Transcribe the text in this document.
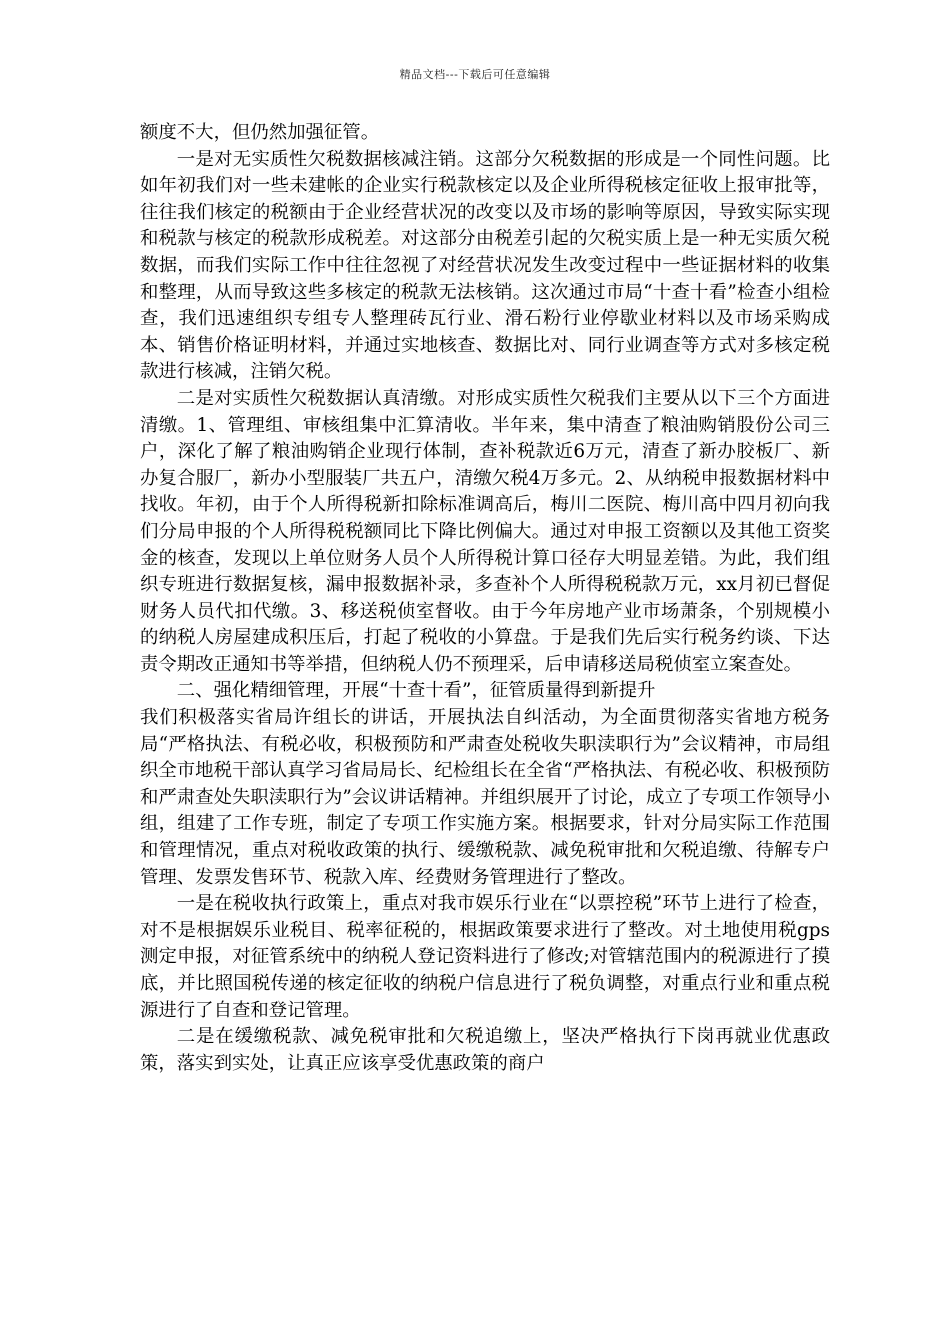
精品文档---下载后可任意编辑

额度不大，但仍然加强征管。

一是对无实质性欠税数据核减注销。这部分欠税数据的形成是一个同性问题。比如年初我们对一些未建帐的企业实行税款核定以及企业所得税核定征收上报审批等，往往我们核定的税额由于企业经营状况的改变以及市场的影响等原因，导致实际实现和税款与核定的税款形成税差。对这部分由税差引起的欠税实质上是一种无实质欠税数据，而我们实际工作中往往忽视了对经营状况发生改变过程中一些证据材料的收集和整理，从而导致这些多核定的税款无法核销。这次通过市局“十查十看”检查小组检查，我们迅速组织专组专人整理砖瓦行业、滑石粉行业停歇业材料以及市场采购成本、销售价格证明材料，并通过实地核查、数据比对、同行业调查等方式对多核定税款进行核减，注销欠税。

二是对实质性欠税数据认真清缴。对形成实质性欠税我们主要从以下三个方面进清缴。1、管理组、审核组集中汇算清收。半年来，集中清查了粮油购销股份公司三户，深化了解了粮油购销企业现行体制，查补税款近6万元，清查了新办胶板厂、新办复合服厂，新办小型服装厂共五户，清缴欠税4万多元。2、从纳税申报数据材料中找收。年初，由于个人所得税新扣除标准调高后，梅川二医院、梅川高中四月初向我们分局申报的个人所得税税额同比下降比例偏大。通过对申报工资额以及其他工资奖金的核查，发现以上单位财务人员个人所得税计算口径存大明显差错。为此，我们组织专班进行数据复核，漏申报数据补录，多查补个人所得税税款万元，xx月初已督促财务人员代扣代缴。3、移送税侦室督收。由于今年房地产业市场萧条，个别规模小的纳税人房屋建成积压后，打起了税收的小算盘。于是我们先后实行税务约谈、下达责令期改正通知书等举措，但纳税人仍不预理采，后申请移送局税侦室立案查处。

二、强化精细管理，开展“十查十看”，征管质量得到新提升

我们积极落实省局许组长的讲话，开展执法自纠活动，为全面贯彻落实省地方税务局“严格执法、有税必收，积极预防和严肃查处税收失职渎职行为”会议精神，市局组织全市地税干部认真学习省局局长、纪检组长在全省“严格执法、有税必收、积极预防和严肃查处失职渎职行为”会议讲话精神。并组织展开了讨论，成立了专项工作领导小组，组建了工作专班，制定了专项工作实施方案。根据要求，针对分局实际工作范围和管理情况，重点对税收政策的执行、缓缴税款、减免税审批和欠税追缴、待解专户管理、发票发售环节、税款入库、经费财务管理进行了整改。

一是在税收执行政策上，重点对我市娱乐行业在“以票控税”环节上进行了检查，对不是根据娱乐业税目、税率征税的，根据政策要求进行了整改。对土地使用税gps测定申报，对征管系统中的纳税人登记资料进行了修改;对管辖范围内的税源进行了摸底，并比照国税传递的核定征收的纳税户信息进行了税负调整，对重点行业和重点税源进行了自查和登记管理。

二是在缓缴税款、减免税审批和欠税追缴上，坚决严格执行下岗再就业优惠政策，落实到实处，让真正应该享受优惠政策的商户
